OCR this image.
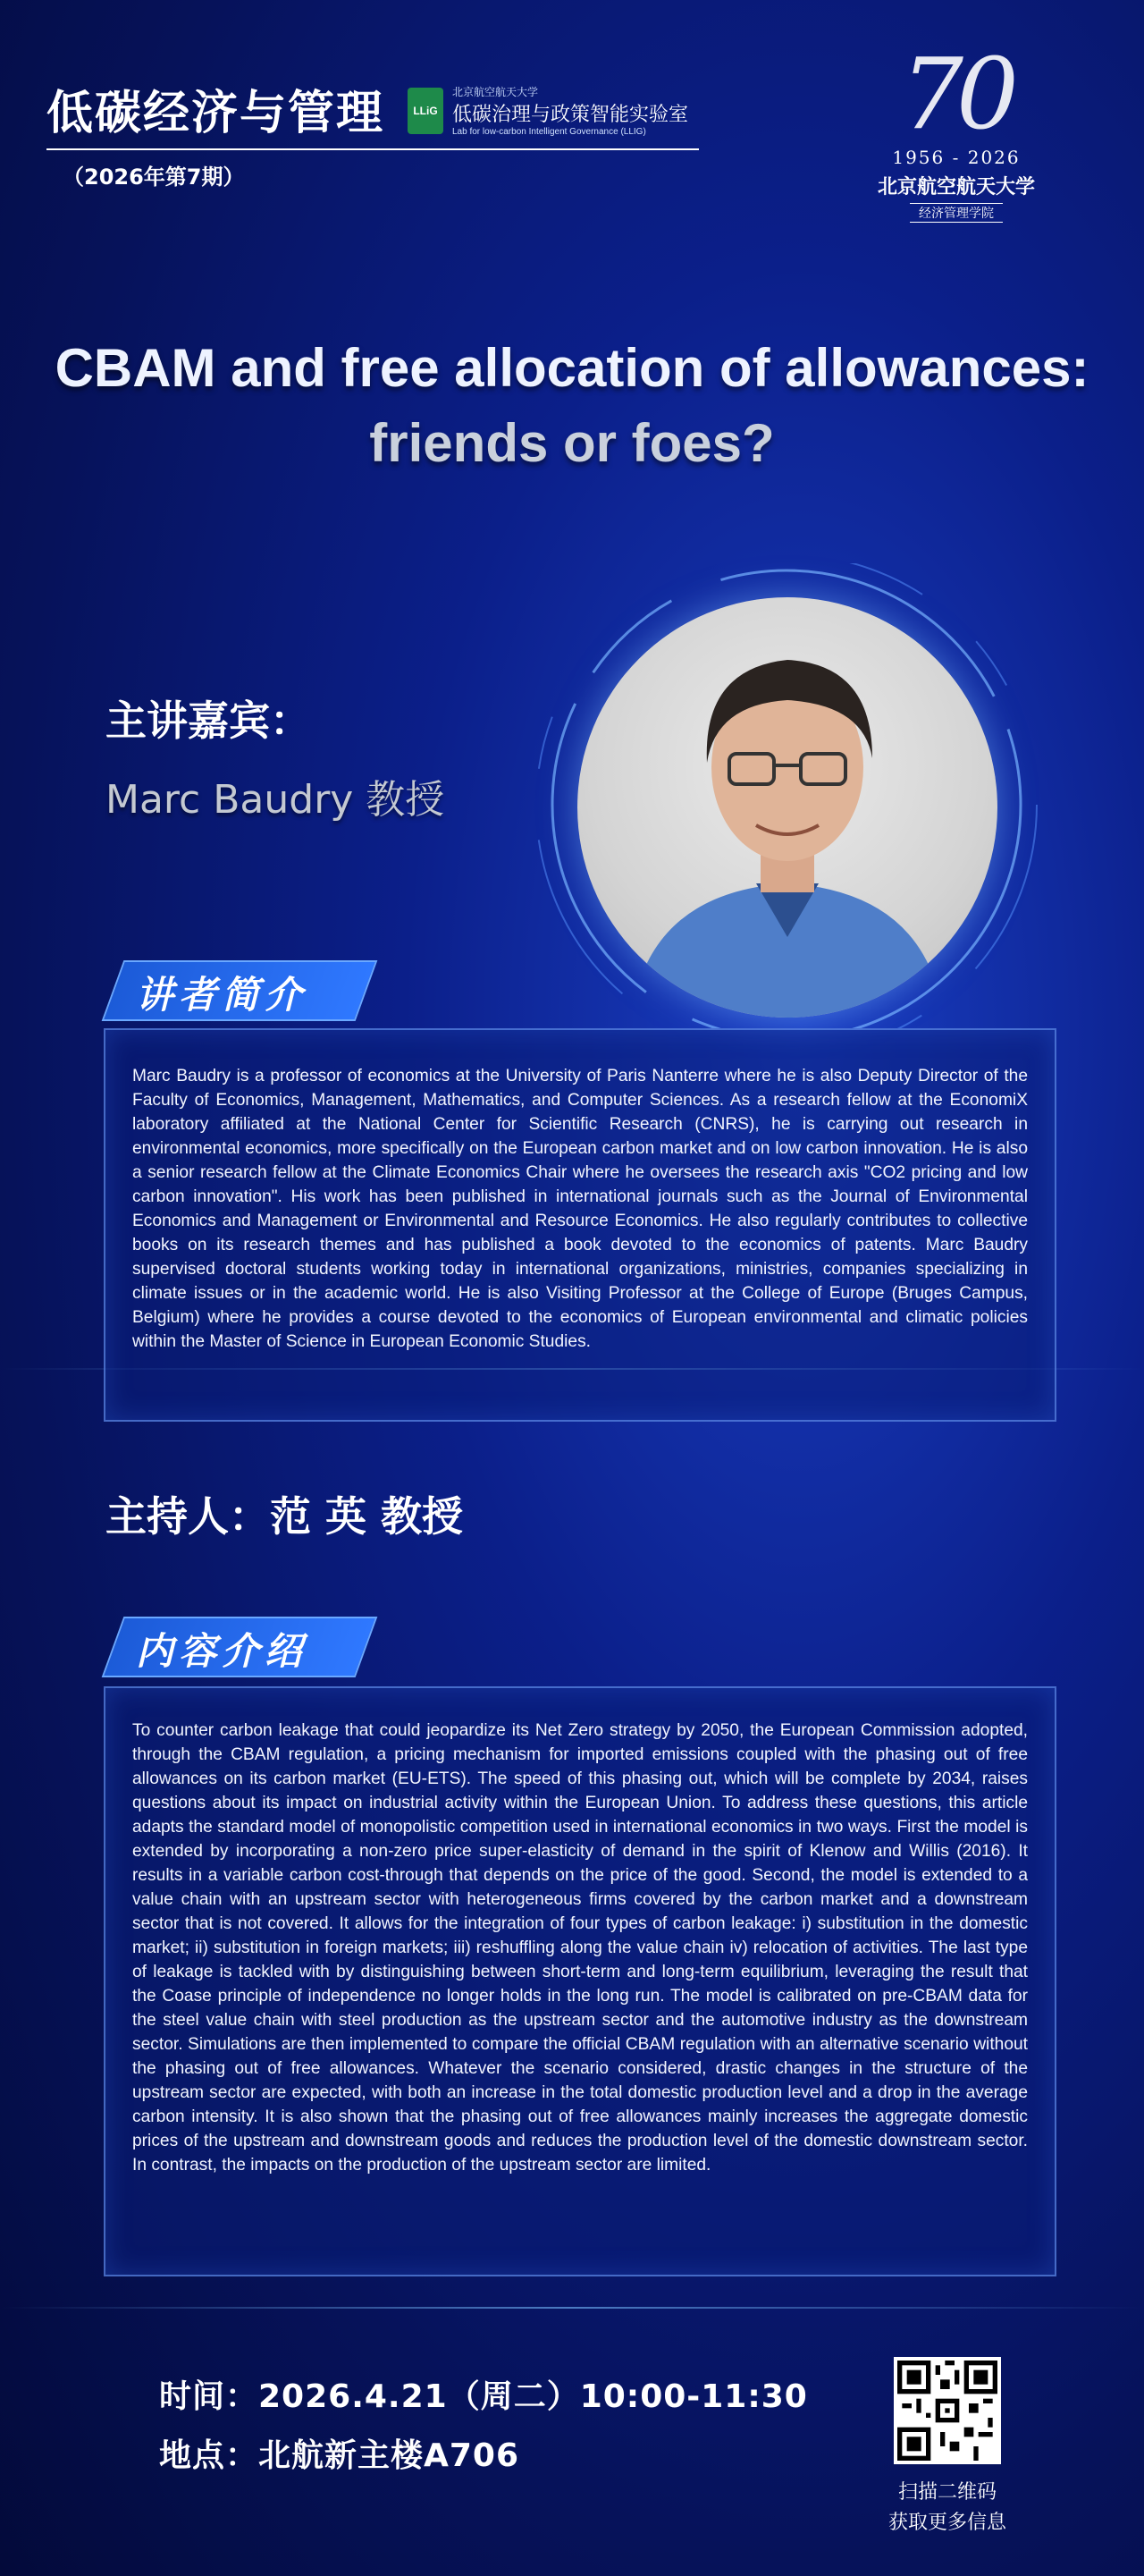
低碳经济与管理	LLiG
北京航空航天大学
低碳治理与政策智能实验室
Lab for low-carbon Intelligent Governance (LLIG)
（2026年第7期）
70
1956 - 2026
北京航空航天大学
经济管理学院
CBAM and free allocation of allowances:
friends or foes?
主讲嘉宾：
Marc Baudry 教授
讲者简介
Marc Baudry is a professor of economics at the University of Paris Nanterre where he is also Deputy Director of the Faculty of Economics, Management, Mathematics, and Computer Sciences. As a research fellow at the EconomiX laboratory affiliated at the National Center for Scientific Research (CNRS), he is carrying out research in environmental economics, more specifically on the European carbon market and on low carbon innovation. He is also a senior research fellow at the Climate Economics Chair where he oversees the research axis "CO2 pricing and low carbon innovation". His work has been published in international journals such as the Journal of Environmental Economics and Management or Environmental and Resource Economics. He also regularly contributes to collective books on its research themes and has published a book devoted to the economics of patents. Marc Baudry supervised doctoral students working today in international organizations, ministries, companies specializing in climate issues or in the academic world. He is also Visiting Professor at the College of Europe (Bruges Campus, Belgium) where he provides a course devoted to the economics of European environmental and climatic policies within the Master of Science in European Economic Studies.
主持人：范 英 教授
内容介绍
To counter carbon leakage that could jeopardize its Net Zero strategy by 2050, the European Commission adopted, through the CBAM regulation, a pricing mechanism for imported emissions coupled with the phasing out of free allowances on its carbon market (EU-ETS). The speed of this phasing out, which will be complete by 2034, raises questions about its impact on industrial activity within the European Union. To address these questions, this article adapts the standard model of monopolistic competition used in international economics in two ways. First the model is extended by incorporating a non-zero price super-elasticity of demand in the spirit of Klenow and Willis (2016). It results in a variable carbon cost-through that depends on the price of the good. Second, the model is extended to a value chain with an upstream sector with heterogeneous firms covered by the carbon market and a downstream sector that is not covered. It allows for the integration of four types of carbon leakage: i) substitution in the domestic market; ii) substitution in foreign markets; iii) reshuffling along the value chain iv) relocation of activities. The last type of leakage is tackled with by distinguishing between short-term and long-term equilibrium, leveraging the result that the Coase principle of independence no longer holds in the long run. The model is calibrated on pre-CBAM data for the steel value chain with steel production as the upstream sector and the automotive industry as the downstream sector. Simulations are then implemented to compare the official CBAM regulation with an alternative scenario without the phasing out of free allowances. Whatever the scenario considered, drastic changes in the structure of the upstream sector are expected, with both an increase in the total domestic production level and a drop in the average carbon intensity. It is also shown that the phasing out of free allowances mainly increases the aggregate domestic prices of the upstream and downstream goods and reduces the production level of the domestic downstream sector. In contrast, the impacts on the production of the upstream sector are limited.
时间：2026.4.21（周二）10:00-11:30
地点：北航新主楼A706
扫描二维码
获取更多信息
